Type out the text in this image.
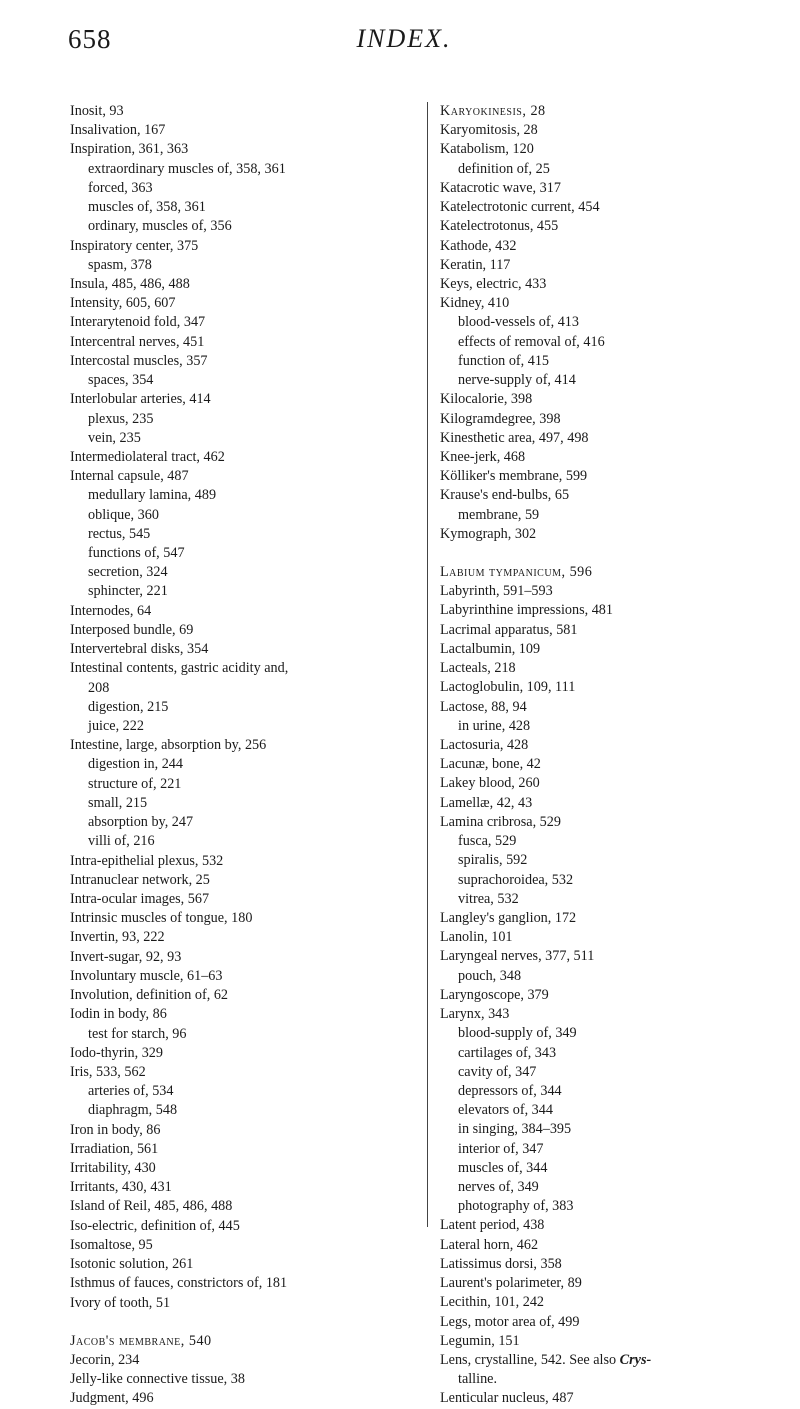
658	INDEX.
Inosit, 93
Insalivation, 167
Inspiration, 361, 363
extraordinary muscles of, 358, 361
forced, 363
muscles of, 358, 361
ordinary, muscles of, 356
Inspiratory center, 375
spasm, 378
Insula, 485, 486, 488
Intensity, 605, 607
Interarytenoid fold, 347
Intercentral nerves, 451
Intercostal muscles, 357
spaces, 354
Interlobular arteries, 414
plexus, 235
vein, 235
Intermediolateral tract, 462
Internal capsule, 487
medullary lamina, 489
oblique, 360
rectus, 545
functions of, 547
secretion, 324
sphincter, 221
Internodes, 64
Interposed bundle, 69
Intervertebral disks, 354
Intestinal contents, gastric acidity and,
208
digestion, 215
juice, 222
Intestine, large, absorption by, 256
digestion in, 244
structure of, 221
small, 215
absorption by, 247
villi of, 216
Intra-epithelial plexus, 532
Intranuclear network, 25
Intra-ocular images, 567
Intrinsic muscles of tongue, 180
Invertin, 93, 222
Invert-sugar, 92, 93
Involuntary muscle, 61–63
Involution, definition of, 62
Iodin in body, 86
test for starch, 96
Iodo-thyrin, 329
Iris, 533, 562
arteries of, 534
diaphragm, 548
Iron in body, 86
Irradiation, 561
Irritability, 430
Irritants, 430, 431
Island of Reil, 485, 486, 488
Iso-electric, definition of, 445
Isomaltose, 95
Isotonic solution, 261
Isthmus of fauces, constrictors of, 181
Ivory of tooth, 51
Jacob's membrane, 540
Jecorin, 234
Jelly-like connective tissue, 38
Judgment, 496
Karyokinesis, 28
Karyomitosis, 28
Katabolism, 120
definition of, 25
Katacrotic wave, 317
Katelectrotonic current, 454
Katelectrotonus, 455
Kathode, 432
Keratin, 117
Keys, electric, 433
Kidney, 410
blood-vessels of, 413
effects of removal of, 416
function of, 415
nerve-supply of, 414
Kilocalorie, 398
Kilogramdegree, 398
Kinesthetic area, 497, 498
Knee-jerk, 468
Kölliker's membrane, 599
Krause's end-bulbs, 65
membrane, 59
Kymograph, 302
Labium tympanicum, 596
Labyrinth, 591–593
Labyrinthine impressions, 481
Lacrimal apparatus, 581
Lactalbumin, 109
Lacteals, 218
Lactoglobulin, 109, 111
Lactose, 88, 94
in urine, 428
Lactosuria, 428
Lacunæ, bone, 42
Lakey blood, 260
Lamellæ, 42, 43
Lamina cribrosa, 529
fusca, 529
spiralis, 592
suprachoroidea, 532
vitrea, 532
Langley's ganglion, 172
Lanolin, 101
Laryngeal nerves, 377, 511
pouch, 348
Laryngoscope, 379
Larynx, 343
blood-supply of, 349
cartilages of, 343
cavity of, 347
depressors of, 344
elevators of, 344
in singing, 384–395
interior of, 347
muscles of, 344
nerves of, 349
photography of, 383
Latent period, 438
Lateral horn, 462
Latissimus dorsi, 358
Laurent's polarimeter, 89
Lecithin, 101, 242
Legs, motor area of, 499
Legumin, 151
Lens, crystalline, 542. See also Crys-
talline.
Lenticular nucleus, 487
